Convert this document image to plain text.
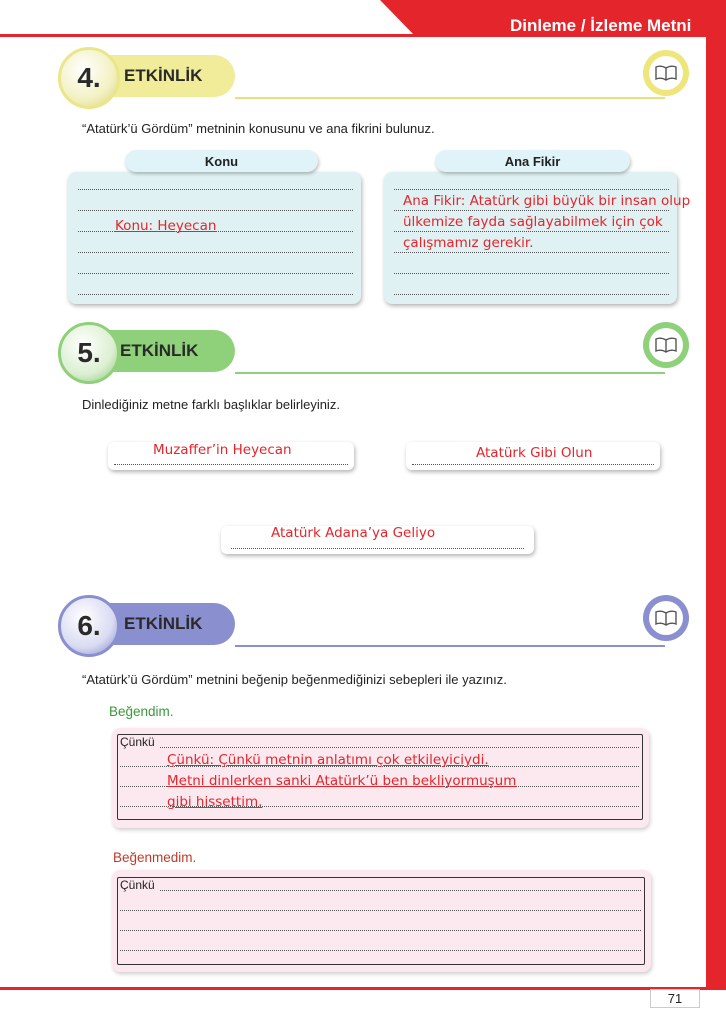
Dinleme / İzleme Metni
ETKİNLİK
4.
“Atatürk’ü Gördüm” metninin konusunu ve ana fikrini bulunuz.
Konu
Konu: Heyecan
Ana Fikir
Ana Fikir: Atatürk gibi büyük bir insan olup ülkemize fayda sağlayabilmek için çok çalışmamız gerekir.
ETKİNLİK
5.
Dinlediğiniz metne farklı başlıklar belirleyiniz.
Muzaffer’in Heyecan	Atatürk Gibi Olun
Atatürk Adana’ya Geliyo
ETKİNLİK
6.
“Atatürk’ü Gördüm” metnini beğenip beğenmediğinizi sebepleri ile yazınız.
Beğendim.
Çünkü
Çünkü: Çünkü metnin anlatımı çok etkileyiciydi. Metni dinlerken sanki Atatürk’ü ben bekliyormuşum gibi hissettim.
Beğenmedim.
Çünkü
71
